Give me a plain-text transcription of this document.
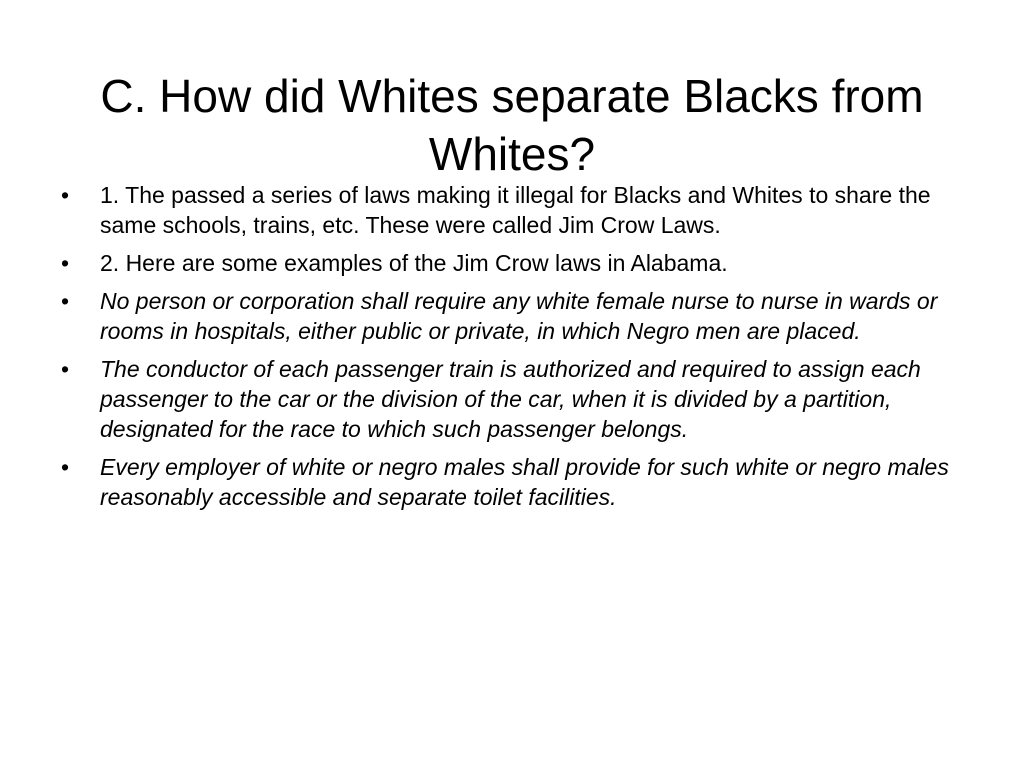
C. How did Whites separate Blacks from Whites?
• 1. The passed a series of laws making it illegal for Blacks and Whites to share the same schools, trains, etc. These were called Jim Crow Laws.
• 2. Here are some examples of the Jim Crow laws in Alabama.
• No person or corporation shall require any white female nurse to nurse in wards or rooms in hospitals, either public or private, in which Negro men are placed.
• The conductor of each passenger train is authorized and required to assign each passenger to the car or the division of the car, when it is divided by a partition, designated for the race to which such passenger belongs.
• Every employer of white or negro males shall provide for such white or negro males reasonably accessible and separate toilet facilities.
